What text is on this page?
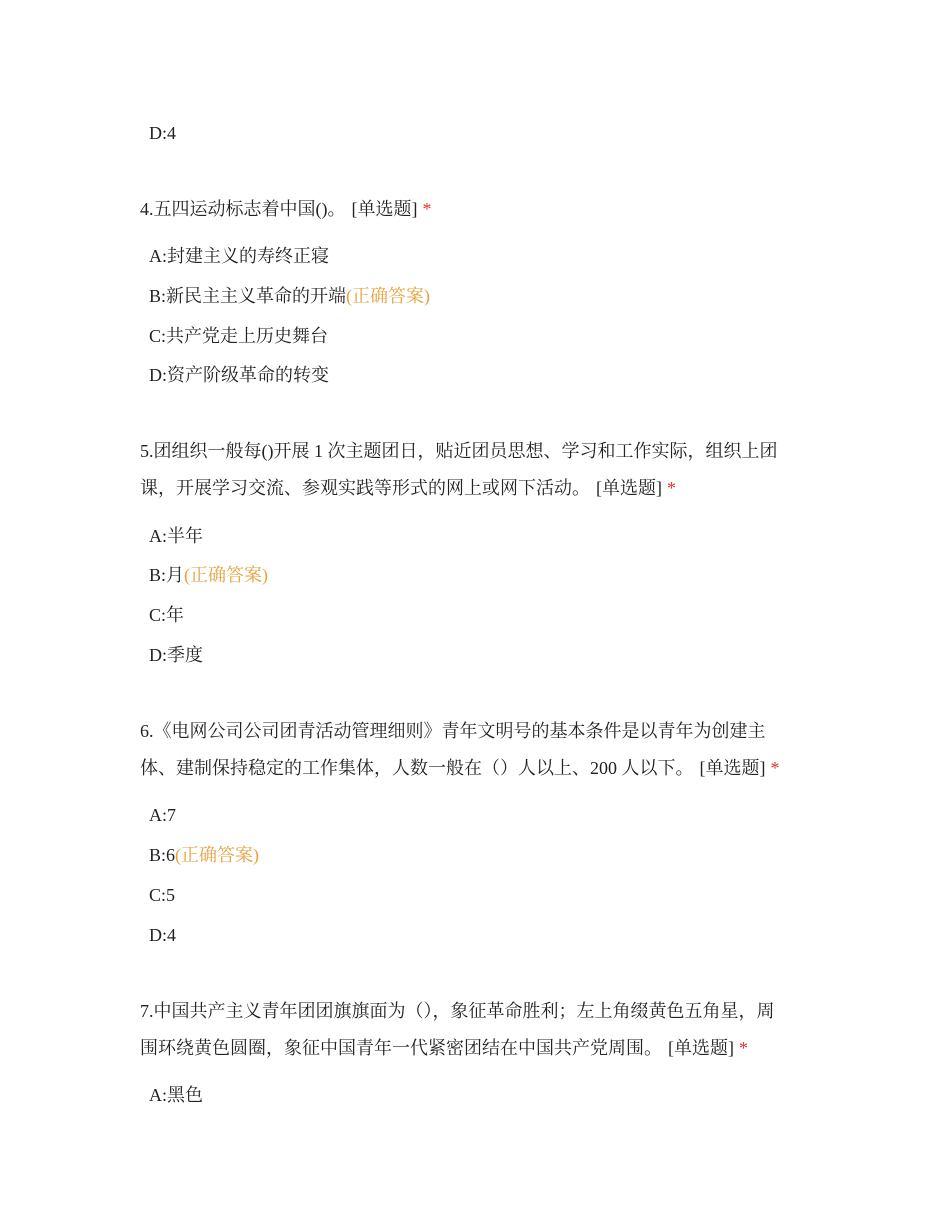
D:4
4.五四运动标志着中国()。 [单选题] *
A:封建主义的寿终正寝
B:新民主主义革命的开端(正确答案)
C:共产党走上历史舞台
D:资产阶级革命的转变
5.团组织一般每()开展 1 次主题团日，贴近团员思想、学习和工作实际，组织上团
课，开展学习交流、参观实践等形式的网上或网下活动。 [单选题] *
A:半年
B:月(正确答案)
C:年
D:季度
6.《电网公司公司团青活动管理细则》青年文明号的基本条件是以青年为创建主
体、建制保持稳定的工作集体，人数一般在（）人以上、200 人以下。 [单选题] *
A:7
B:6(正确答案)
C:5
D:4
7.中国共产主义青年团团旗旗面为（），象征革命胜利；左上角缀黄色五角星，周
围环绕黄色圆圈，象征中国青年一代紧密团结在中国共产党周围。 [单选题] *
A:黑色
